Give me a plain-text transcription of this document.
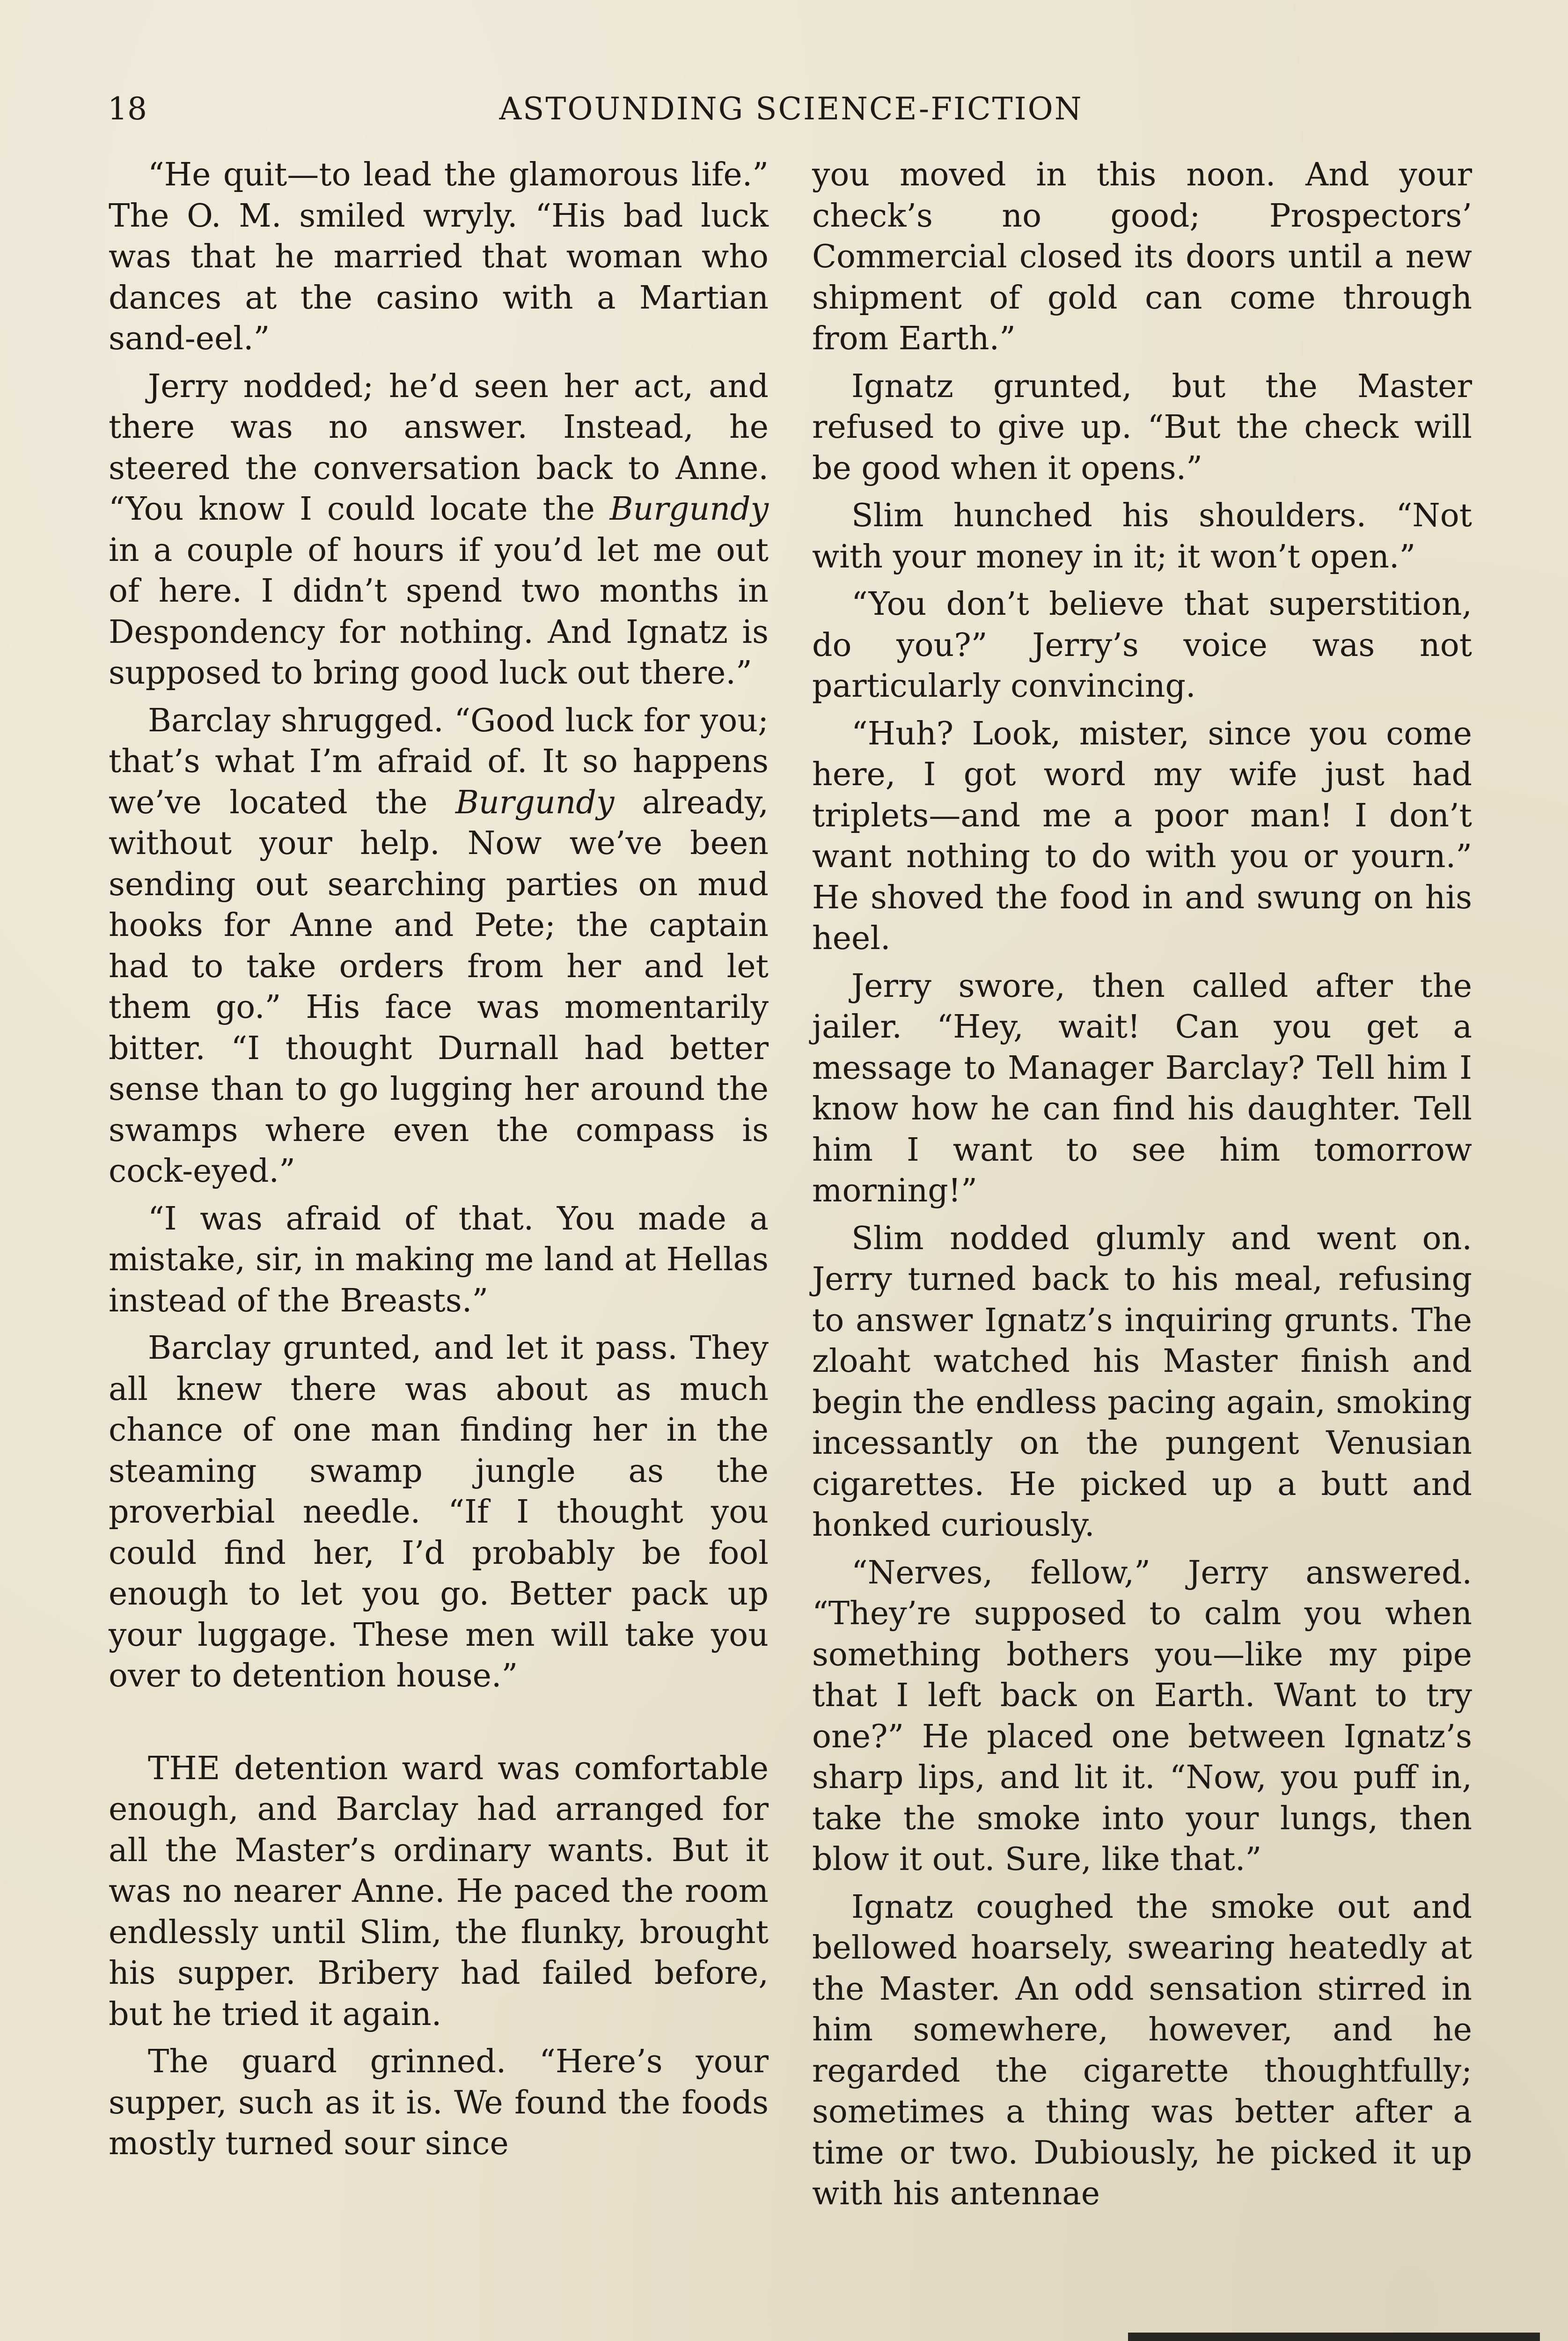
18	ASTOUNDING SCIENCE-FICTION

“He quit—to lead the glamorous life.” The O. M. smiled wryly. “His bad luck was that he married that woman who dances at the casino with a Martian sand-eel.”

Jerry nodded; he’d seen her act, and there was no answer. Instead, he steered the conversation back to Anne. “You know I could locate the Burgundy in a couple of hours if you’d let me out of here. I didn’t spend two months in Despondency for nothing. And Ignatz is supposed to bring good luck out there.”

Barclay shrugged. “Good luck for you; that’s what I’m afraid of. It so happens we’ve located the Burgundy already, without your help. Now we’ve been sending out searching parties on mud hooks for Anne and Pete; the captain had to take orders from her and let them go.” His face was momentarily bitter. “I thought Durnall had better sense than to go lugging her around the swamps where even the compass is cock-eyed.”

“I was afraid of that. You made a mistake, sir, in making me land at Hellas instead of the Breasts.”

Barclay grunted, and let it pass. They all knew there was about as much chance of one man finding her in the steaming swamp jungle as the proverbial needle. “If I thought you could find her, I’d probably be fool enough to let you go. Better pack up your luggage. These men will take you over to detention house.”

THE detention ward was comfortable enough, and Barclay had arranged for all the Master’s ordinary wants. But it was no nearer Anne. He paced the room endlessly until Slim, the flunky, brought his supper. Bribery had failed before, but he tried it again.

The guard grinned. “Here’s your supper, such as it is. We found the foods mostly turned sour since

you moved in this noon. And your check’s no good; Prospectors’ Commercial closed its doors until a new shipment of gold can come through from Earth.”

Ignatz grunted, but the Master refused to give up. “But the check will be good when it opens.”

Slim hunched his shoulders. “Not with your money in it; it won’t open.”

“You don’t believe that superstition, do you?” Jerry’s voice was not particularly convincing.

“Huh? Look, mister, since you come here, I got word my wife just had triplets—and me a poor man! I don’t want nothing to do with you or yourn.” He shoved the food in and swung on his heel.

Jerry swore, then called after the jailer. “Hey, wait! Can you get a message to Manager Barclay? Tell him I know how he can find his daughter. Tell him I want to see him tomorrow morning!”

Slim nodded glumly and went on. Jerry turned back to his meal, refusing to answer Ignatz’s inquiring grunts. The zloaht watched his Master finish and begin the endless pacing again, smoking incessantly on the pungent Venusian cigarettes. He picked up a butt and honked curiously.

“Nerves, fellow,” Jerry answered. “They’re supposed to calm you when something bothers you—like my pipe that I left back on Earth. Want to try one?” He placed one between Ignatz’s sharp lips, and lit it. “Now, you puff in, take the smoke into your lungs, then blow it out. Sure, like that.”

Ignatz coughed the smoke out and bellowed hoarsely, swearing heatedly at the Master. An odd sensation stirred in him somewhere, however, and he regarded the cigarette thoughtfully; sometimes a thing was better after a time or two. Dubiously, he picked it up with his antennae
